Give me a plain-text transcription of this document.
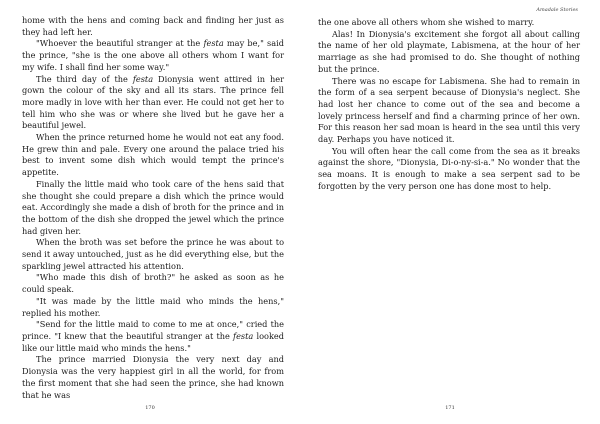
home with the hens and coming back and finding her just as they had left her.

"Whoever the beautiful stranger at the festa may be," said the prince, "she is the one above all others whom I want for my wife. I shall find her some way."

The third day of the festa Dionysia went attired in her gown the colour of the sky and all its stars. The prince fell more madly in love with her than ever. He could not get her to tell him who she was or where she lived but he gave her a beautiful jewel.

When the prince returned home he would not eat any food. He grew thin and pale. Every one around the palace tried his best to invent some dish which would tempt the prince's appetite.

Finally the little maid who took care of the hens said that she thought she could prepare a dish which the prince would eat. Accordingly she made a dish of broth for the prince and in the bottom of the dish she dropped the jewel which the prince had given her.

When the broth was set before the prince he was about to send it away untouched, just as he did everything else, but the sparkling jewel attracted his attention.

"Who made this dish of broth?" he asked as soon as he could speak.

"It was made by the little maid who minds the hens," replied his mother.

"Send for the little maid to come to me at once," cried the prince. "I knew that the beautiful stranger at the festa looked like our little maid who minds the hens."

The prince married Dionysia the very next day and Dionysia was the very happiest girl in all the world, for from the first moment that she had seen the prince, she had known that he was

170
Amadale Stories

the one above all others whom she wished to marry.

Alas! In Dionysia's excitement she forgot all about calling the name of her old playmate, Labismena, at the hour of her marriage as she had promised to do. She thought of nothing but the prince.

There was no escape for Labismena. She had to remain in the form of a sea serpent because of Dionysia's neglect. She had lost her chance to come out of the sea and become a lovely princess herself and find a charming prince of her own. For this reason her sad moan is heard in the sea until this very day. Perhaps you have noticed it.

You will often hear the call come from the sea as it breaks against the shore, "Dionysia, Di-o-ny-si-a." No wonder that the sea moans. It is enough to make a sea serpent sad to be forgotten by the very person one has done most to help.

171
